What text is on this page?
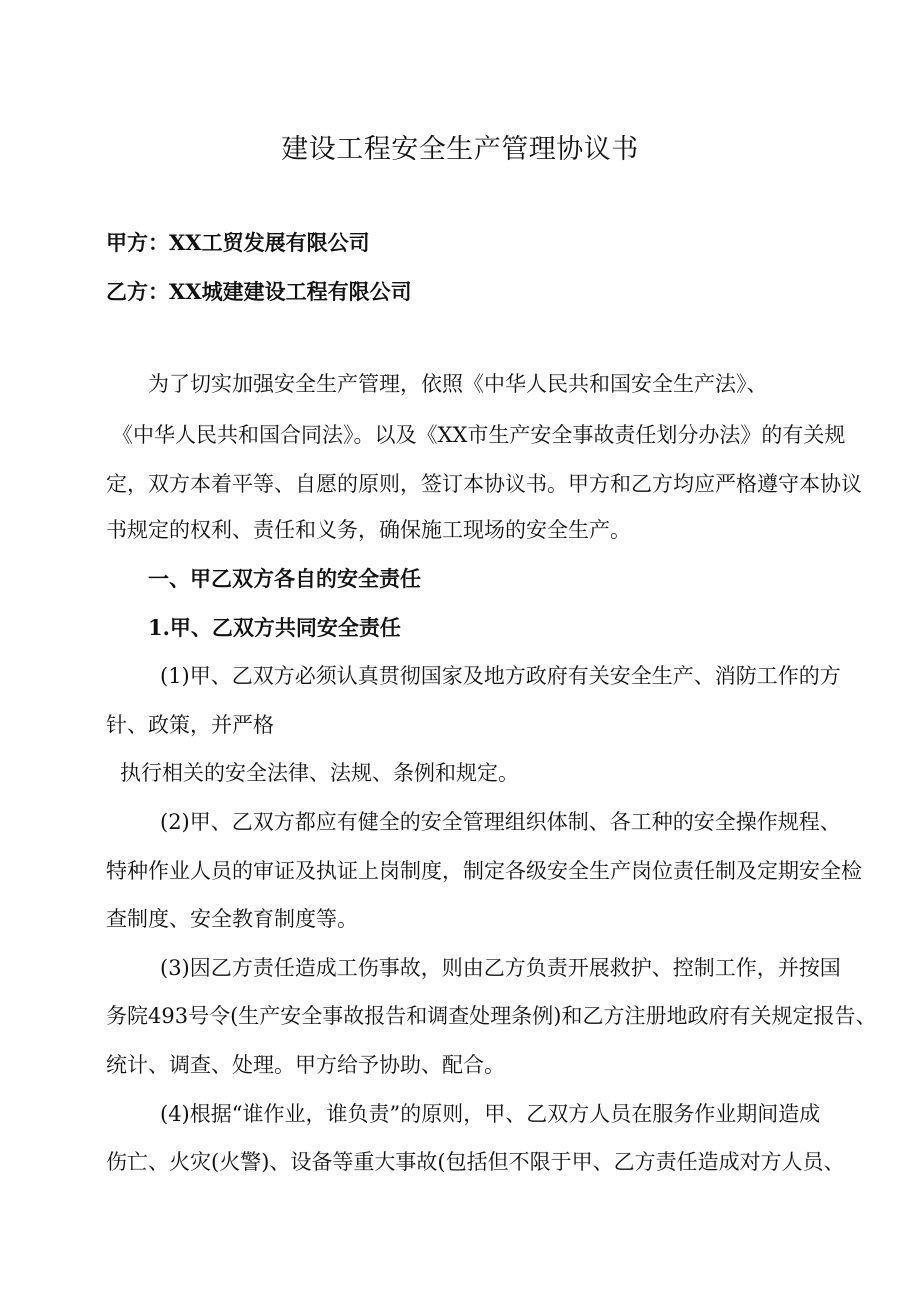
建设工程安全生产管理协议书
甲方：XX工贸发展有限公司
乙方：XX城建建设工程有限公司
为了切实加强安全生产管理，依照《中华人民共和国安全生产法》、
《中华人民共和国合同法》。以及《XX市生产安全事故责任划分办法》的有关规
定，双方本着平等、自愿的原则，签订本协议书。甲方和乙方均应严格遵守本协议
书规定的权利、责任和义务，确保施工现场的安全生产。
一、甲乙双方各自的安全责任
1.甲、乙双方共同安全责任
(1)甲、乙双方必须认真贯彻国家及地方政府有关安全生产、消防工作的方
针、政策，并严格
执行相关的安全法律、法规、条例和规定。
(2)甲、乙双方都应有健全的安全管理组织体制、各工种的安全操作规程、
特种作业人员的审证及执证上岗制度，制定各级安全生产岗位责任制及定期安全检
查制度、安全教育制度等。
(3)因乙方责任造成工伤事故，则由乙方负责开展救护、控制工作，并按国
务院493号令(生产安全事故报告和调查处理条例)和乙方注册地政府有关规定报告、
统计、调查、处理。甲方给予协助、配合。
(4)根据“谁作业，谁负责”的原则，甲、乙双方人员在服务作业期间造成
伤亡、火灾(火警)、设备等重大事故(包括但不限于甲、乙方责任造成对方人员、
